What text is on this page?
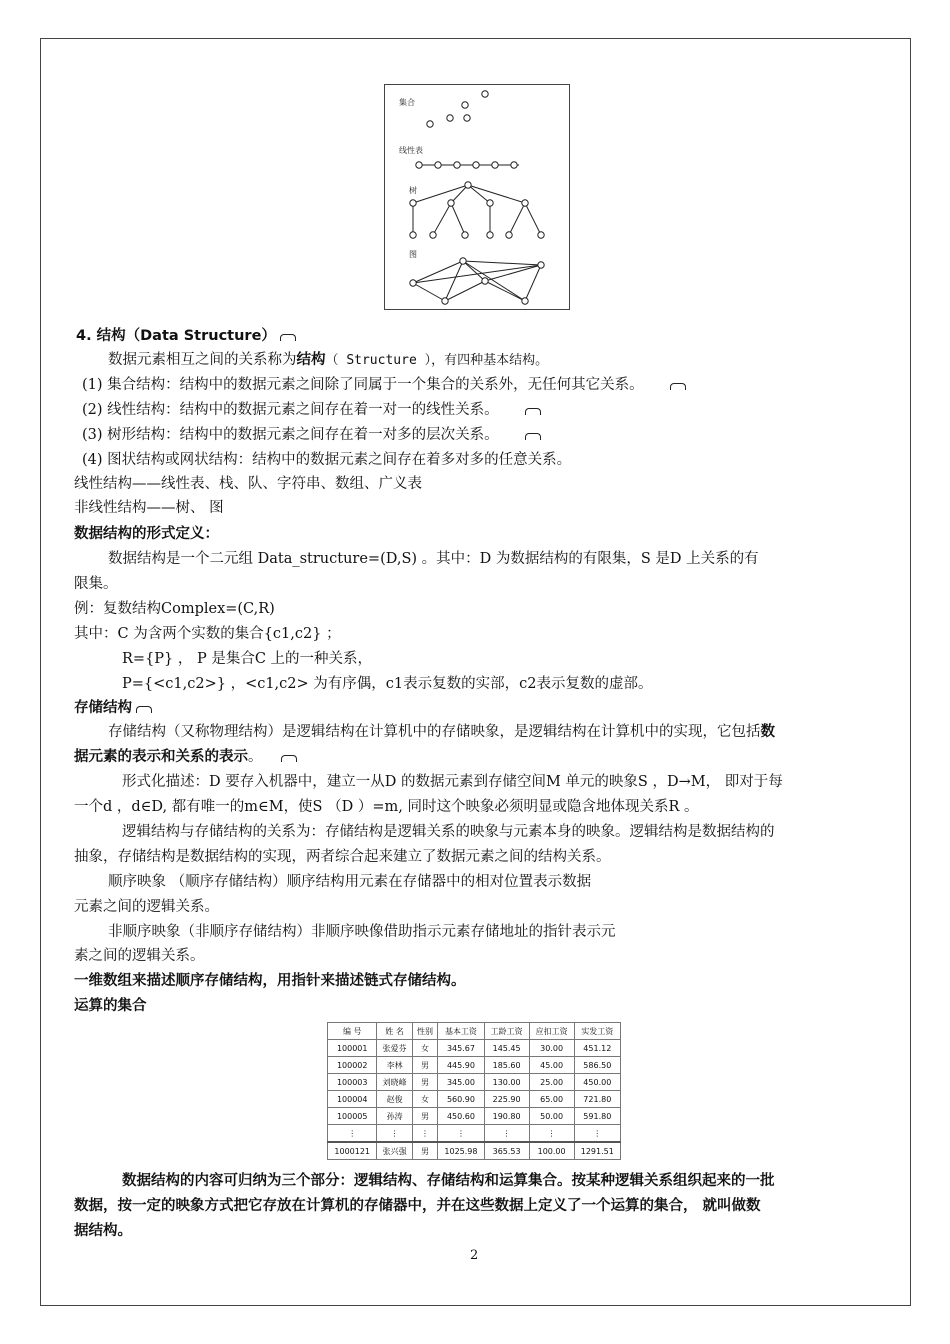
集合
线性表
树
图
4. 结构（Data Structure）
数据元素相互之间的关系称为结构（ Structure ），有四种基本结构。
(1) 集合结构：结构中的数据元素之间除了同属于一个集合的关系外，无任何其它关系。
(2) 线性结构：结构中的数据元素之间存在着一对一的线性关系。
(3) 树形结构：结构中的数据元素之间存在着一对多的层次关系。
(4) 图状结构或网状结构：结构中的数据元素之间存在着多对多的任意关系。
线性结构——线性表、栈、队、字符串、数组、广义表
非线性结构——树、 图
数据结构的形式定义：
数据结构是一个二元组 Data_structure=(D,S) 。其中：D 为数据结构的有限集，S 是D 上关系的有
限集。
例：复数结构Complex=(C,R)
其中：C 为含两个实数的集合{c1,c2} ；
R={P} ， P 是集合C 上的一种关系，
P={<c1,c2>} ，<c1,c2> 为有序偶，c1表示复数的实部，c2表示复数的虚部。
存储结构
存储结构（又称物理结构）是逻辑结构在计算机中的存储映象，是逻辑结构在计算机中的实现，它包括数
据元素的表示和关系的表示。
形式化描述：D 要存入机器中，建立一从D 的数据元素到存储空间M 单元的映象S ，D→M， 即对于每
一个d ，d∈D, 都有唯一的m∈M，使S （D ）=m, 同时这个映象必须明显或隐含地体现关系R 。
逻辑结构与存储结构的关系为：存储结构是逻辑关系的映象与元素本身的映象。逻辑结构是数据结构的
抽象，存储结构是数据结构的实现，两者综合起来建立了数据元素之间的结构关系。
顺序映象 （顺序存储结构）顺序结构用元素在存储器中的相对位置表示数据
元素之间的逻辑关系。
非顺序映象（非顺序存储结构）非顺序映像借助指示元素存储地址的指针表示元
素之间的逻辑关系。
一维数组来描述顺序存储结构，用指针来描述链式存储结构。
运算的集合
编 号	姓 名	性别	基本工资	工龄工资	应扣工资	实发工资
100001	张爱芬	女	345.67	145.45	30.00	451.12
100002	李林	男	445.90	185.60	45.00	586.50
100003	刘晓峰	男	345.00	130.00	25.00	450.00
100004	赵俊	女	560.90	225.90	65.00	721.80
100005	孙涛	男	450.60	190.80	50.00	591.80
⋮	⋮	⋮	⋮	⋮	⋮	⋮
1000121	张兴强	男	1025.98	365.53	100.00	1291.51
数据结构的内容可归纳为三个部分：逻辑结构、存储结构和运算集合。按某种逻辑关系组织起来的一批
数据，按一定的映象方式把它存放在计算机的存储器中，并在这些数据上定义了一个运算的集合， 就叫做数
据结构。
2
